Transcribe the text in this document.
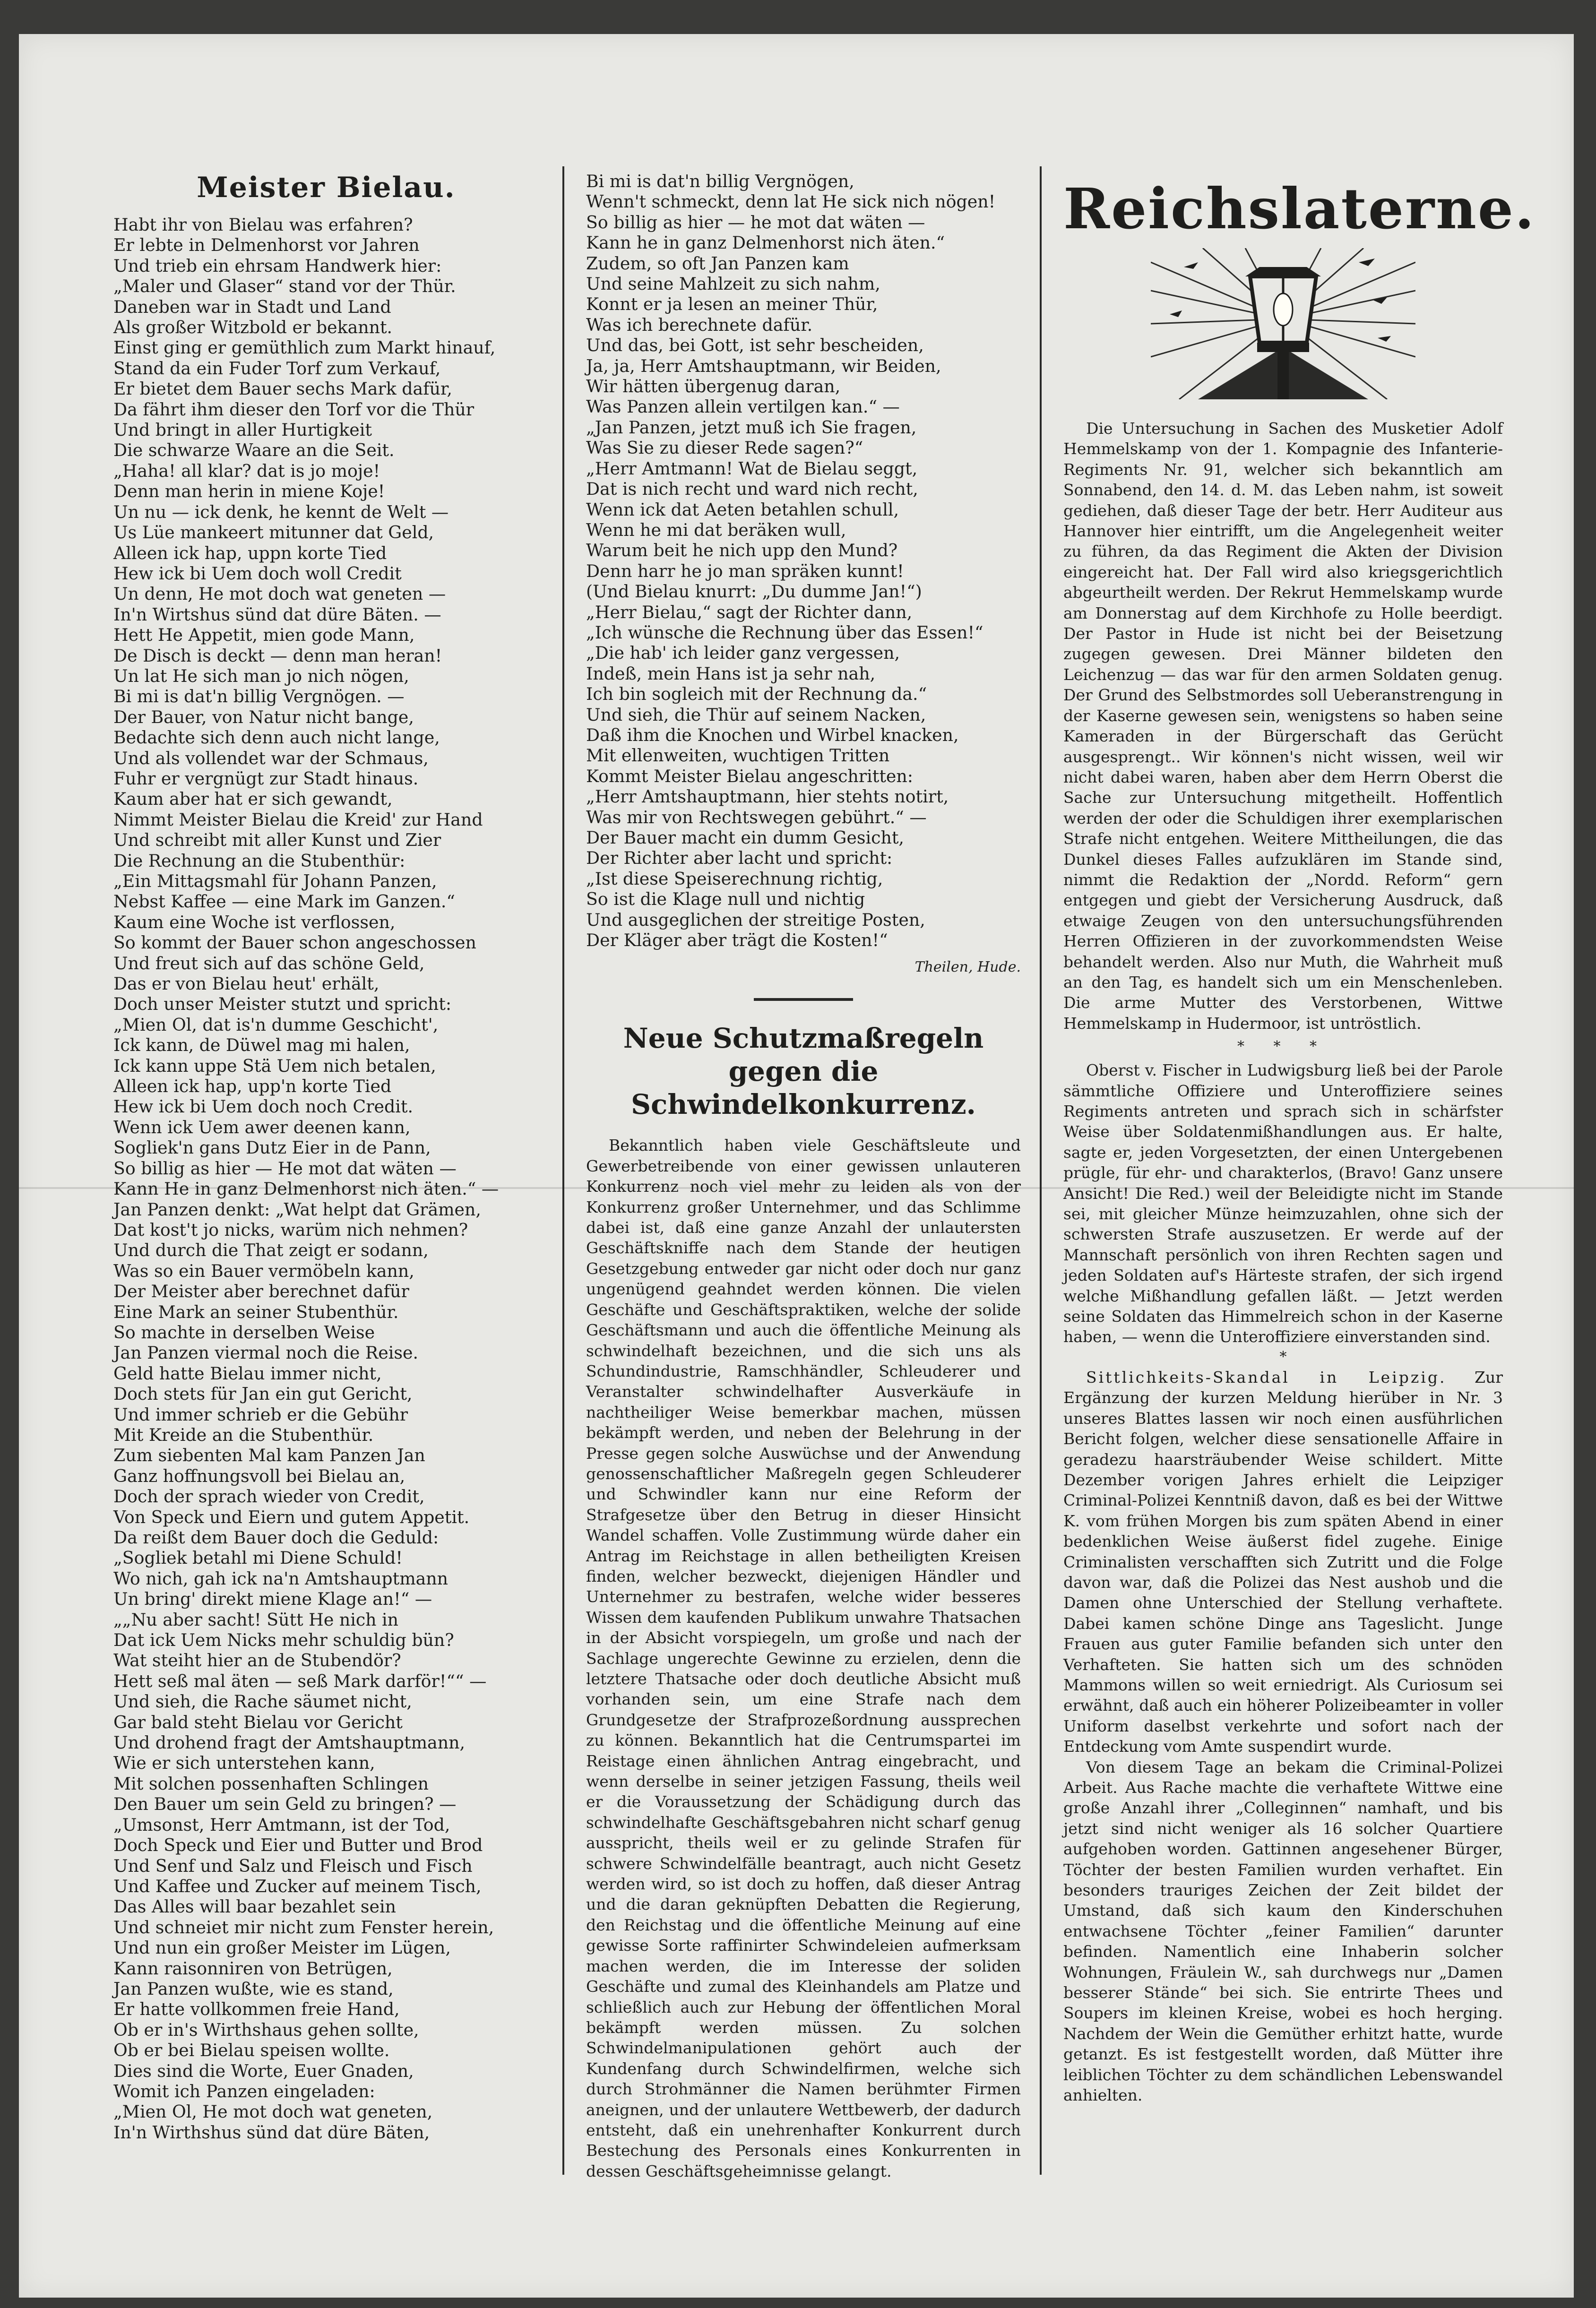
Meister Bielau.
Habt ihr von Bielau was erfahren?
Er lebte in Delmenhorst vor Jahren
Und trieb ein ehrsam Handwerk hier:
„Maler und Glaser“ stand vor der Thür.
Daneben war in Stadt und Land
Als großer Witzbold er bekannt.
Einst ging er gemüthlich zum Markt hinauf,
Stand da ein Fuder Torf zum Verkauf,
Er bietet dem Bauer sechs Mark dafür,
Da fährt ihm dieser den Torf vor die Thür
Und bringt in aller Hurtigkeit
Die schwarze Waare an die Seit.
„Haha! all klar? dat is jo moje!
Denn man herin in miene Koje!
Un nu — ick denk, he kennt de Welt —
Us Lüe mankeert mitunner dat Geld,
Alleen ick hap, uppn korte Tied
Hew ick bi Uem doch woll Credit
Un denn, He mot doch wat geneten —
In'n Wirtshus sünd dat düre Bäten. —
Hett He Appetit, mien gode Mann,
De Disch is deckt — denn man heran!
Un lat He sich man jo nich nögen,
Bi mi is dat'n billig Vergnögen. —
Der Bauer, von Natur nicht bange,
Bedachte sich denn auch nicht lange,
Und als vollendet war der Schmaus,
Fuhr er vergnügt zur Stadt hinaus.
Kaum aber hat er sich gewandt,
Nimmt Meister Bielau die Kreid' zur Hand
Und schreibt mit aller Kunst und Zier
Die Rechnung an die Stubenthür:
„Ein Mittagsmahl für Johann Panzen,
Nebst Kaffee — eine Mark im Ganzen.“
Kaum eine Woche ist verflossen,
So kommt der Bauer schon angeschossen
Und freut sich auf das schöne Geld,
Das er von Bielau heut' erhält,
Doch unser Meister stutzt und spricht:
„Mien Ol, dat is'n dumme Geschicht',
Ick kann, de Düwel mag mi halen,
Ick kann uppe Stä Uem nich betalen,
Alleen ick hap, upp'n korte Tied
Hew ick bi Uem doch noch Credit.
Wenn ick Uem awer deenen kann,
Sogliek'n gans Dutz Eier in de Pann,
So billig as hier — He mot dat wäten —
Kann He in ganz Delmenhorst nich äten.“ —
Jan Panzen denkt: „Wat helpt dat Grämen,
Dat kost't jo nicks, warüm nich nehmen?
Und durch die That zeigt er sodann,
Was so ein Bauer vermöbeln kann,
Der Meister aber berechnet dafür
Eine Mark an seiner Stubenthür.
So machte in derselben Weise
Jan Panzen viermal noch die Reise.
Geld hatte Bielau immer nicht,
Doch stets für Jan ein gut Gericht,
Und immer schrieb er die Gebühr
Mit Kreide an die Stubenthür.
Zum siebenten Mal kam Panzen Jan
Ganz hoffnungsvoll bei Bielau an,
Doch der sprach wieder von Credit,
Von Speck und Eiern und gutem Appetit.
Da reißt dem Bauer doch die Geduld:
„Sogliek betahl mi Diene Schuld!
Wo nich, gah ick na'n Amtshauptmann
Un bring' direkt miene Klage an!“ —
„„Nu aber sacht! Sütt He nich in
Dat ick Uem Nicks mehr schuldig bün?
Wat steiht hier an de Stubendör?
Hett seß mal äten — seß Mark darför!““ —
Und sieh, die Rache säumet nicht,
Gar bald steht Bielau vor Gericht
Und drohend fragt der Amtshauptmann,
Wie er sich unterstehen kann,
Mit solchen possenhaften Schlingen
Den Bauer um sein Geld zu bringen? —
„Umsonst, Herr Amtmann, ist der Tod,
Doch Speck und Eier und Butter und Brod
Und Senf und Salz und Fleisch und Fisch
Und Kaffee und Zucker auf meinem Tisch,
Das Alles will baar bezahlet sein
Und schneiet mir nicht zum Fenster herein,
Und nun ein großer Meister im Lügen,
Kann raisonniren von Betrügen,
Jan Panzen wußte, wie es stand,
Er hatte vollkommen freie Hand,
Ob er in's Wirthshaus gehen sollte,
Ob er bei Bielau speisen wollte.
Dies sind die Worte, Euer Gnaden,
Womit ich Panzen eingeladen:
„Mien Ol, He mot doch wat geneten,
In'n Wirthshus sünd dat düre Bäten,
Bi mi is dat'n billig Vergnögen,
Wenn't schmeckt, denn lat He sick nich nögen!
So billig as hier — he mot dat wäten —
Kann he in ganz Delmenhorst nich äten.“
Zudem, so oft Jan Panzen kam
Und seine Mahlzeit zu sich nahm,
Konnt er ja lesen an meiner Thür,
Was ich berechnete dafür.
Und das, bei Gott, ist sehr bescheiden,
Ja, ja, Herr Amtshauptmann, wir Beiden,
Wir hätten übergenug daran,
Was Panzen allein vertilgen kan.“ —
„Jan Panzen, jetzt muß ich Sie fragen,
Was Sie zu dieser Rede sagen?“
„Herr Amtmann! Wat de Bielau seggt,
Dat is nich recht und ward nich recht,
Wenn ick dat Aeten betahlen schull,
Wenn he mi dat beräken wull,
Warum beit he nich upp den Mund?
Denn harr he jo man spräken kunnt!
(Und Bielau knurrt: „Du dumme Jan!“)
„Herr Bielau,“ sagt der Richter dann,
„Ich wünsche die Rechnung über das Essen!“
„Die hab' ich leider ganz vergessen,
Indeß, mein Hans ist ja sehr nah,
Ich bin sogleich mit der Rechnung da.“
Und sieh, die Thür auf seinem Nacken,
Daß ihm die Knochen und Wirbel knacken,
Mit ellenweiten, wuchtigen Tritten
Kommt Meister Bielau angeschritten:
„Herr Amtshauptmann, hier stehts notirt,
Was mir von Rechtswegen gebührt.“ —
Der Bauer macht ein dumm Gesicht,
Der Richter aber lacht und spricht:
„Ist diese Speiserechnung richtig,
So ist die Klage null und nichtig
Und ausgeglichen der streitige Posten,
Der Kläger aber trägt die Kosten!“
Theilen, Hude.
Neue Schutzmaßregeln gegen die Schwindelkonkurrenz.

Bekanntlich haben viele Geschäftsleute und Gewerbetreibende von einer gewissen unlauteren Konkurrenz noch viel mehr zu leiden als von der Konkurrenz großer Unternehmer, und das Schlimme dabei ist, daß eine ganze Anzahl der unlautersten Geschäftskniffe nach dem Stande der heutigen Gesetzgebung entweder gar nicht oder doch nur ganz ungenügend geahndet werden können. Die vielen Geschäfte und Geschäftspraktiken, welche der solide Geschäftsmann und auch die öffentliche Meinung als schwindelhaft bezeichnen, und die sich uns als Schundindustrie, Ramschhändler, Schleuderer und Veranstalter schwindelhafter Ausverkäufe in nachtheiliger Weise bemerkbar machen, müssen bekämpft werden, und neben der Belehrung in der Presse gegen solche Auswüchse und der Anwendung genossenschaftlicher Maßregeln gegen Schleuderer und Schwindler kann nur eine Reform der Strafgesetze über den Betrug in dieser Hinsicht Wandel schaffen. Volle Zustimmung würde daher ein Antrag im Reichstage in allen betheiligten Kreisen finden, welcher bezweckt, diejenigen Händler und Unternehmer zu bestrafen, welche wider besseres Wissen dem kaufenden Publikum unwahre Thatsachen in der Absicht vorspiegeln, um große und nach der Sachlage ungerechte Gewinne zu erzielen, denn die letztere Thatsache oder doch deutliche Absicht muß vorhanden sein, um eine Strafe nach dem Grundgesetze der Strafprozeßordnung aussprechen zu können. Bekanntlich hat die Centrumspartei im Reistage einen ähnlichen Antrag eingebracht, und wenn derselbe in seiner jetzigen Fassung, theils weil er die Voraussetzung der Schädigung durch das schwindelhafte Geschäftsgebahren nicht scharf genug ausspricht, theils weil er zu gelinde Strafen für schwere Schwindelfälle beantragt, auch nicht Gesetz werden wird, so ist doch zu hoffen, daß dieser Antrag und die daran geknüpften Debatten die Regierung, den Reichstag und die öffentliche Meinung auf eine gewisse Sorte raffinirter Schwindeleien aufmerksam machen werden, die im Interesse der soliden Geschäfte und zumal des Kleinhandels am Platze und schließlich auch zur Hebung der öffentlichen Moral bekämpft werden müssen. Zu solchen Schwindelmanipulationen gehört auch der Kundenfang durch Schwindelfirmen, welche sich durch Strohmänner die Namen berühmter Firmen aneignen, und der unlautere Wettbewerb, der dadurch entsteht, daß ein unehrenhafter Konkurrent durch Bestechung des Personals eines Konkurrenten in dessen Geschäftsgeheimnisse gelangt.

Reichslaterne.

Die Untersuchung in Sachen des Musketier Adolf Hemmelskamp von der 1. Kompagnie des Infanterie-Regiments Nr. 91, welcher sich bekanntlich am Sonnabend, den 14. d. M. das Leben nahm, ist soweit gediehen, daß dieser Tage der betr. Herr Auditeur aus Hannover hier eintrifft, um die Angelegenheit weiter zu führen, da das Regiment die Akten der Division eingereicht hat. Der Fall wird also kriegsgerichtlich abgeurtheilt werden. Der Rekrut Hemmelskamp wurde am Donnerstag auf dem Kirchhofe zu Holle beerdigt. Der Pastor in Hude ist nicht bei der Beisetzung zugegen gewesen. Drei Männer bildeten den Leichenzug — das war für den armen Soldaten genug. Der Grund des Selbstmordes soll Ueberanstrengung in der Kaserne gewesen sein, wenigstens so haben seine Kameraden in der Bürgerschaft das Gerücht ausgesprengt.. Wir können's nicht wissen, weil wir nicht dabei waren, haben aber dem Herrn Oberst die Sache zur Untersuchung mitgetheilt. Hoffentlich werden der oder die Schuldigen ihrer exemplarischen Strafe nicht entgehen. Weitere Mittheilungen, die das Dunkel dieses Falles aufzuklären im Stande sind, nimmt die Redaktion der „Nordd. Reform“ gern entgegen und giebt der Versicherung Ausdruck, daß etwaige Zeugen von den untersuchungsführenden Herren Offizieren in der zuvorkommendsten Weise behandelt werden. Also nur Muth, die Wahrheit muß an den Tag, es handelt sich um ein Menschenleben. Die arme Mutter des Verstorbenen, Wittwe Hemmelskamp in Hudermoor, ist untröstlich.

* * *

Oberst v. Fischer in Ludwigsburg ließ bei der Parole sämmtliche Offiziere und Unteroffiziere seines Regiments antreten und sprach sich in schärfster Weise über Soldatenmißhandlungen aus. Er halte, sagte er, jeden Vorgesetzten, der einen Untergebenen prügle, für ehr- und charakterlos, (Bravo! Ganz unsere Ansicht! Die Red.) weil der Beleidigte nicht im Stande sei, mit gleicher Münze heimzuzahlen, ohne sich der schwersten Strafe auszusetzen. Er werde auf der Mannschaft persönlich von ihren Rechten sagen und jeden Soldaten auf's Härteste strafen, der sich irgend welche Mißhandlung gefallen läßt. — Jetzt werden seine Soldaten das Himmelreich schon in der Kaserne haben, — wenn die Unteroffiziere einverstanden sind.

*

Sittlichkeits-Skandal in Leipzig. Zur Ergänzung der kurzen Meldung hierüber in Nr. 3 unseres Blattes lassen wir noch einen ausführlichen Bericht folgen, welcher diese sensationelle Affaire in geradezu haarsträubender Weise schildert. Mitte Dezember vorigen Jahres erhielt die Leipziger Criminal-Polizei Kenntniß davon, daß es bei der Wittwe K. vom frühen Morgen bis zum späten Abend in einer bedenklichen Weise äußerst fidel zugehe. Einige Criminalisten verschafften sich Zutritt und die Folge davon war, daß die Polizei das Nest aushob und die Damen ohne Unterschied der Stellung verhaftete. Dabei kamen schöne Dinge ans Tageslicht. Junge Frauen aus guter Familie befanden sich unter den Verhafteten. Sie hatten sich um des schnöden Mammons willen so weit erniedrigt. Als Curiosum sei erwähnt, daß auch ein höherer Polizeibeamter in voller Uniform daselbst verkehrte und sofort nach der Entdeckung vom Amte suspendirt wurde.

Von diesem Tage an bekam die Criminal-Polizei Arbeit. Aus Rache machte die verhaftete Wittwe eine große Anzahl ihrer „Colleginnen“ namhaft, und bis jetzt sind nicht weniger als 16 solcher Quartiere aufgehoben worden. Gattinnen angesehener Bürger, Töchter der besten Familien wurden verhaftet. Ein besonders trauriges Zeichen der Zeit bildet der Umstand, daß sich kaum den Kinderschuhen entwachsene Töchter „feiner Familien“ darunter befinden. Namentlich eine Inhaberin solcher Wohnungen, Fräulein W., sah durchwegs nur „Damen besserer Stände“ bei sich. Sie entrirte Thees und Soupers im kleinen Kreise, wobei es hoch herging. Nachdem der Wein die Gemüther erhitzt hatte, wurde getanzt. Es ist festgestellt worden, daß Mütter ihre leiblichen Töchter zu dem schändlichen Lebenswandel anhielten.
